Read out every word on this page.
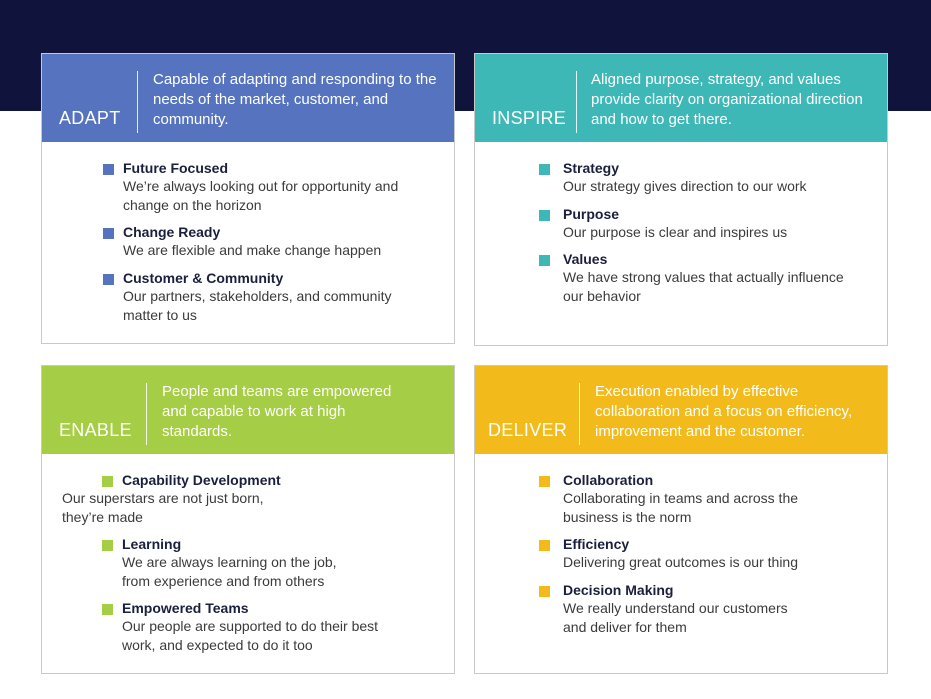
ADAPT
Capable of adapting and responding to the needs of the market, customer, and community.
Future Focused
We’re always looking out for opportunity and change on the horizon
Change Ready
We are flexible and make change happen
Customer & Community
Our partners, stakeholders, and community matter to us
INSPIRE
Aligned purpose, strategy, and values provide clarity on organizational direction and how to get there.
Strategy
Our strategy gives direction to our work
Purpose
Our purpose is clear and inspires us
Values
We have strong values that actually influence our behavior
ENABLE
People and teams are empowered and capable to work at high standards.
Capability Development
Our superstars are not just born, they’re made
Learning
We are always learning on the job, from experience and from others
Empowered Teams
Our people are supported to do their best work, and expected to do it too
DELIVER
Execution enabled by effective collaboration and a focus on efficiency, improvement and the customer.
Collaboration
Collaborating in teams and across the business is the norm
Efficiency
Delivering great outcomes is our thing
Decision Making
We really understand our customers and deliver for them
